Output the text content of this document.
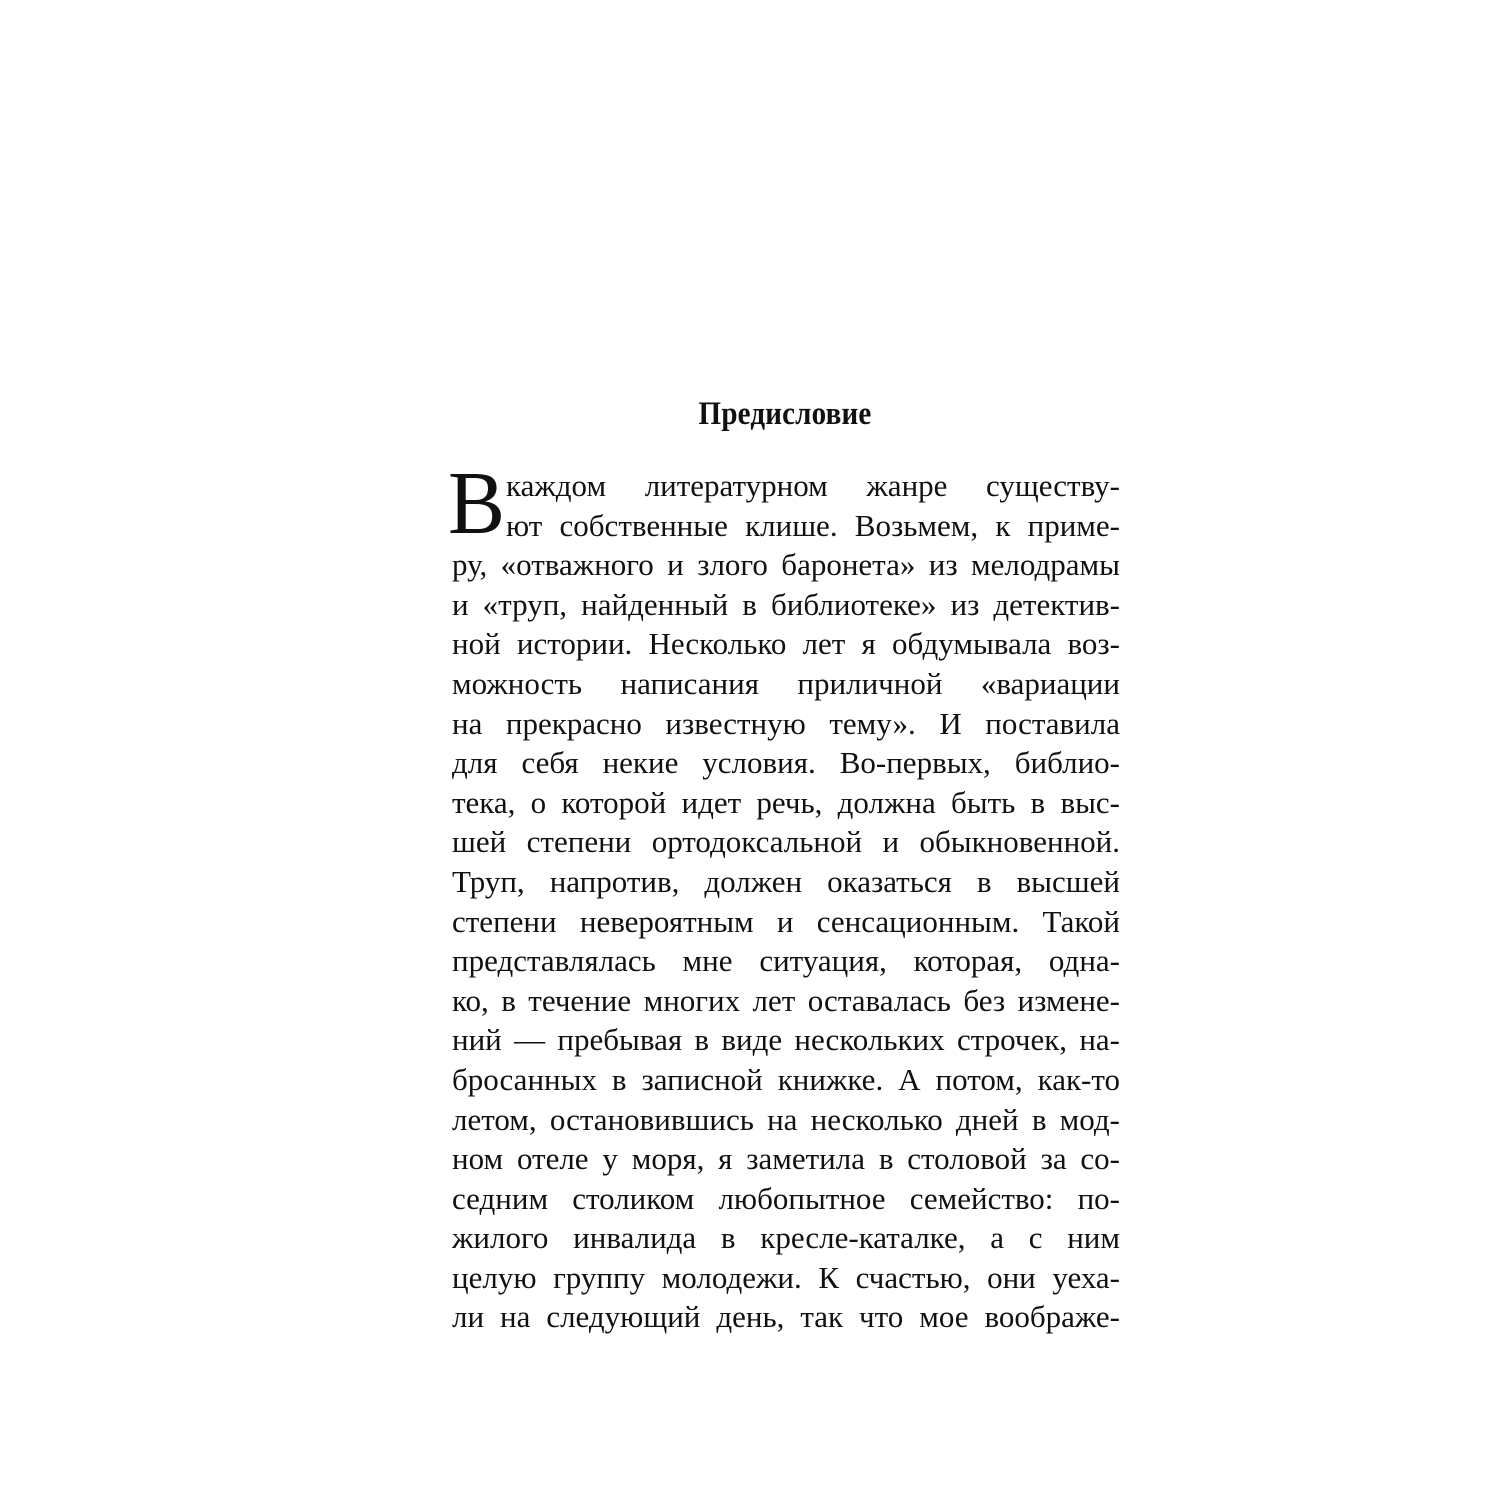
Предисловие
В каждом литературном жанре существу-
ют собственные клише. Возьмем, к приме-
ру, «отважного и злого баронета» из мелодрамы
и «труп, найденный в библиотеке» из детектив-
ной истории. Несколько лет я обдумывала воз-
можность написания приличной «вариации
на прекрасно известную тему». И поставила
для себя некие условия. Во-первых, библио-
тека, о которой идет речь, должна быть в выс-
шей степени ортодоксальной и обыкновенной.
Труп, напротив, должен оказаться в высшей
степени невероятным и сенсационным. Такой
представлялась мне ситуация, которая, одна-
ко, в течение многих лет оставалась без измене-
ний — пребывая в виде нескольких строчек, на-
бросанных в записной книжке. А потом, как-то
летом, остановившись на несколько дней в мод-
ном отеле у моря, я заметила в столовой за со-
седним столиком любопытное семейство: по-
жилого инвалида в кресле-каталке, а с ним
целую группу молодежи. К счастью, они уеха-
ли на следующий день, так что мое воображе-
